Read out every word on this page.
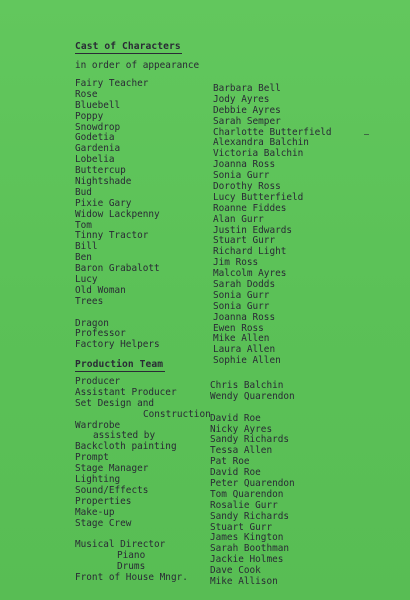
Cast of Characters
in order of appearance
Fairy Teacher
Rose
Bluebell
Poppy
Snowdrop
Godetia
Gardenia
Lobelia
Buttercup
Nightshade
Bud
Pixie Gary
Widow Lackpenny
Tom
Tinny Tractor
Bill
Ben
Baron Grabalott
Lucy
Old Woman
Trees
Dragon
Professor
Factory Helpers
Barbara Bell
Jody Ayres
Debbie Ayres
Sarah Semper
Charlotte Butterfield
Alexandra Balchin
Victoria Balchin
Joanna Ross
Sonia Gurr
Dorothy Ross
Lucy Butterfield
Roanne Fiddes
Alan Gurr
Justin Edwards
Stuart Gurr
Richard Light
Jim Ross
Malcolm Ayres
Sarah Dodds
Sonia Gurr
Sonia Gurr
Joanna Ross
Ewen Ross
Mike Allen
Laura Allen
Sophie Allen
Production Team
Producer
Assistant Producer
Set Design and
Construction
Wardrobe
assisted by
Backcloth painting
Prompt
Stage Manager
Lighting
Sound/Effects
Properties
Make-up
Stage Crew
Musical Director
Piano
Drums
Front of House Mngr.
Chris Balchin
Wendy Quarendon
David Roe
Nicky Ayres
Sandy Richards
Tessa Allen
Pat Roe
David Roe
Peter Quarendon
Tom Quarendon
Rosalie Gurr
Sandy Richards
Stuart Gurr
James Kington
Sarah Boothman
Jackie Holmes
Dave Cook
Mike Allison
